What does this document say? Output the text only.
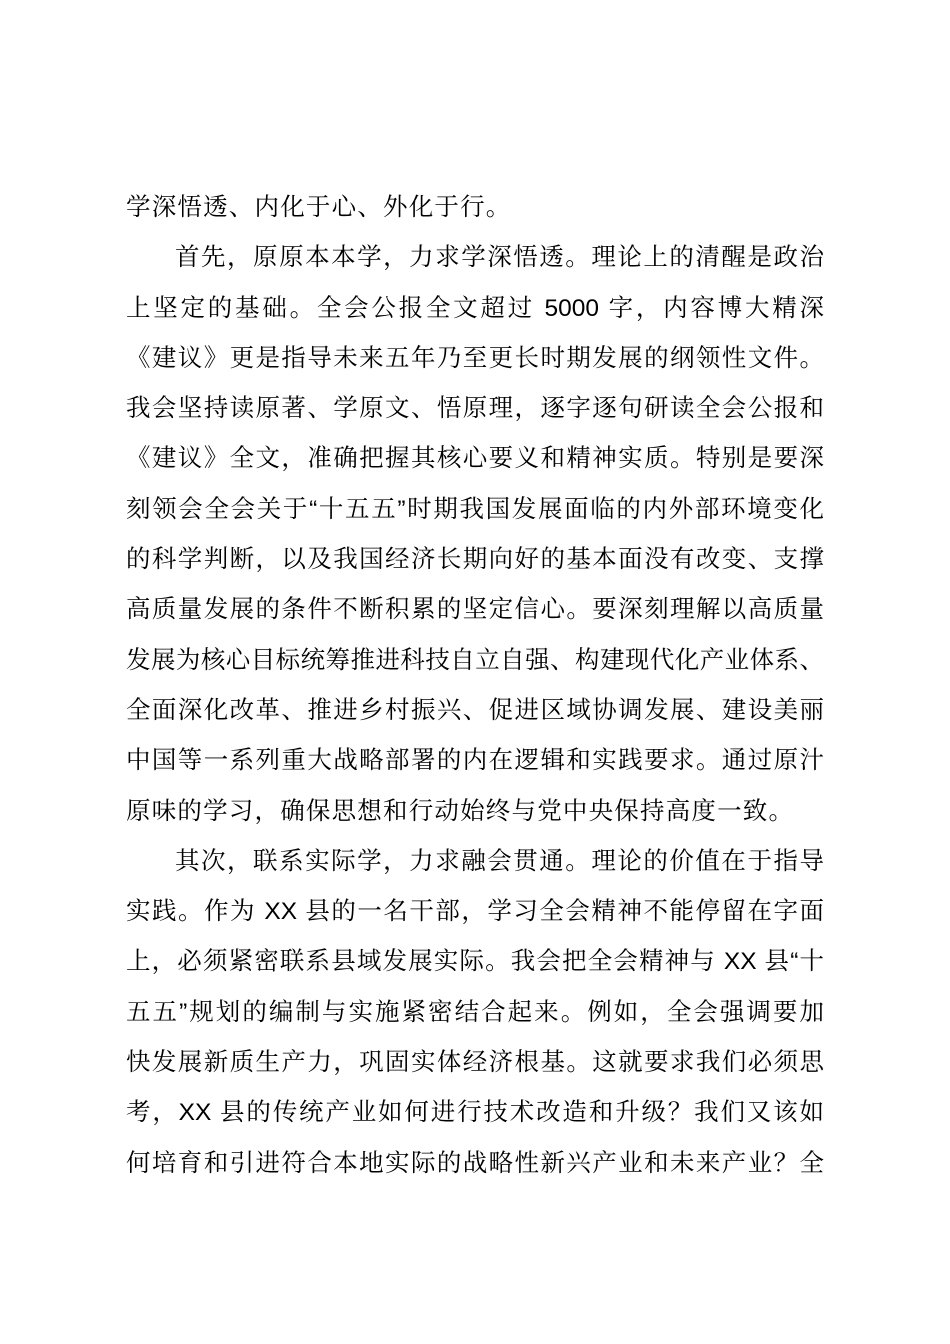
学深悟透、内化于心、外化于行。
首先，原原本本学，力求学深悟透。理论上的清醒是政治
上坚定的基础。全会公报全文超过 5000 字，内容博大精深
《建议》更是指导未来五年乃至更长时期发展的纲领性文件。
我会坚持读原著、学原文、悟原理，逐字逐句研读全会公报和
《建议》全文，准确把握其核心要义和精神实质。特别是要深
刻领会全会关于“十五五”时期我国发展面临的内外部环境变化
的科学判断，以及我国经济长期向好的基本面没有改变、支撑
高质量发展的条件不断积累的坚定信心。要深刻理解以高质量
发展为核心目标统筹推进科技自立自强、构建现代化产业体系、
全面深化改革、推进乡村振兴、促进区域协调发展、建设美丽
中国等一系列重大战略部署的内在逻辑和实践要求。通过原汁
原味的学习，确保思想和行动始终与党中央保持高度一致。
其次，联系实际学，力求融会贯通。理论的价值在于指导
实践。作为 XX 县的一名干部，学习全会精神不能停留在字面
上，必须紧密联系县域发展实际。我会把全会精神与 XX 县“十
五五”规划的编制与实施紧密结合起来。例如，全会强调要加
快发展新质生产力，巩固实体经济根基。这就要求我们必须思
考，XX 县的传统产业如何进行技术改造和升级？我们又该如
何培育和引进符合本地实际的战略性新兴产业和未来产业？全
